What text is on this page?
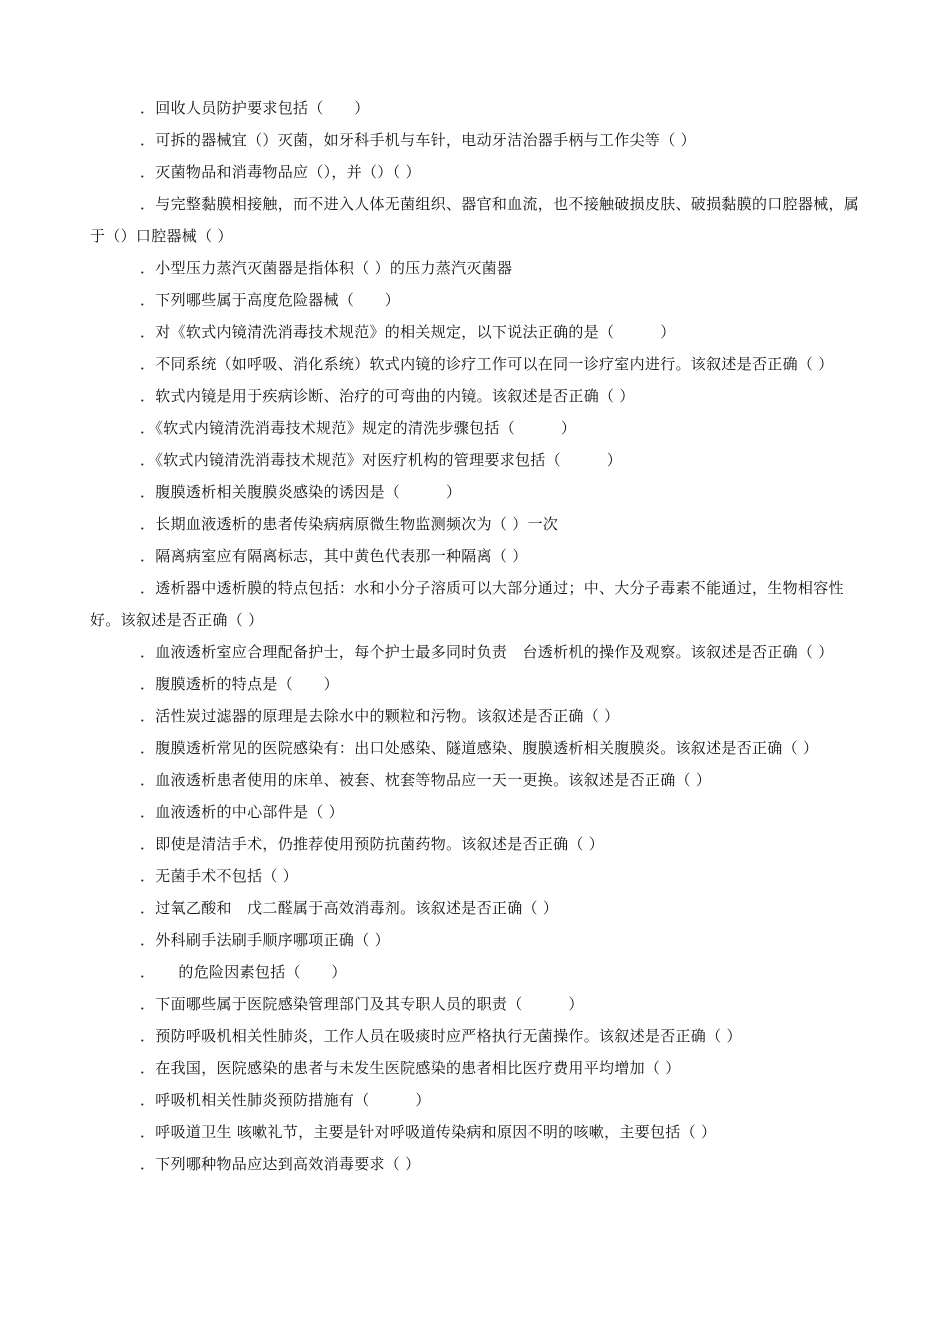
．回收人员防护要求包括（　　）

．可拆的器械宜（）灭菌，如牙科手机与车针，电动牙洁治器手柄与工作尖等（ ）

．灭菌物品和消毒物品应（），并（）（ ）

．与完整黏膜相接触，而不进入人体无菌组织、器官和血流，也不接触破损皮肤、破损黏膜的口腔器械，属于（）口腔器械（ ）

．小型压力蒸汽灭菌器是指体积（ ）的压力蒸汽灭菌器

．下列哪些属于高度危险器械（　　）

．对《软式内镜清洗消毒技术规范》的相关规定，以下说法正确的是（　　　）

．不同系统（如呼吸、消化系统）软式内镜的诊疗工作可以在同一诊疗室内进行。该叙述是否正确（ ）

．软式内镜是用于疾病诊断、治疗的可弯曲的内镜。该叙述是否正确（ ）

．《软式内镜清洗消毒技术规范》规定的清洗步骤包括（　　　）

．《软式内镜清洗消毒技术规范》对医疗机构的管理要求包括（　　　）

．腹膜透析相关腹膜炎感染的诱因是（　　　）

．长期血液透析的患者传染病病原微生物监测频次为（ ）一次

．隔离病室应有隔离标志，其中黄色代表那一种隔离（ ）

．透析器中透析膜的特点包括：水和小分子溶质可以大部分通过；中、大分子毒素不能通过，生物相容性好。该叙述是否正确（ ）

．血液透析室应合理配备护士，每个护士最多同时负责　台透析机的操作及观察。该叙述是否正确（ ）

．腹膜透析的特点是（　　）

．活性炭过滤器的原理是去除水中的颗粒和污物。该叙述是否正确（ ）

．腹膜透析常见的医院感染有：出口处感染、隧道感染、腹膜透析相关腹膜炎。该叙述是否正确（ ）

．血液透析患者使用的床单、被套、枕套等物品应一天一更换。该叙述是否正确（ ）

．血液透析的中心部件是（ ）

．即使是清洁手术，仍推荐使用预防抗菌药物。该叙述是否正确（ ）

．无菌手术不包括（ ）

．过氧乙酸和　戊二醛属于高效消毒剂。该叙述是否正确（ ）

．外科刷手法刷手顺序哪项正确（ ）

．　　的危险因素包括（　　）

．下面哪些属于医院感染管理部门及其专职人员的职责（　　　）

．预防呼吸机相关性肺炎，工作人员在吸痰时应严格执行无菌操作。该叙述是否正确（ ）

．在我国，医院感染的患者与未发生医院感染的患者相比医疗费用平均增加（ ）

．呼吸机相关性肺炎预防措施有（　　　）

．呼吸道卫生 咳嗽礼节，主要是针对呼吸道传染病和原因不明的咳嗽，主要包括（ ）

．下列哪种物品应达到高效消毒要求（ ）
